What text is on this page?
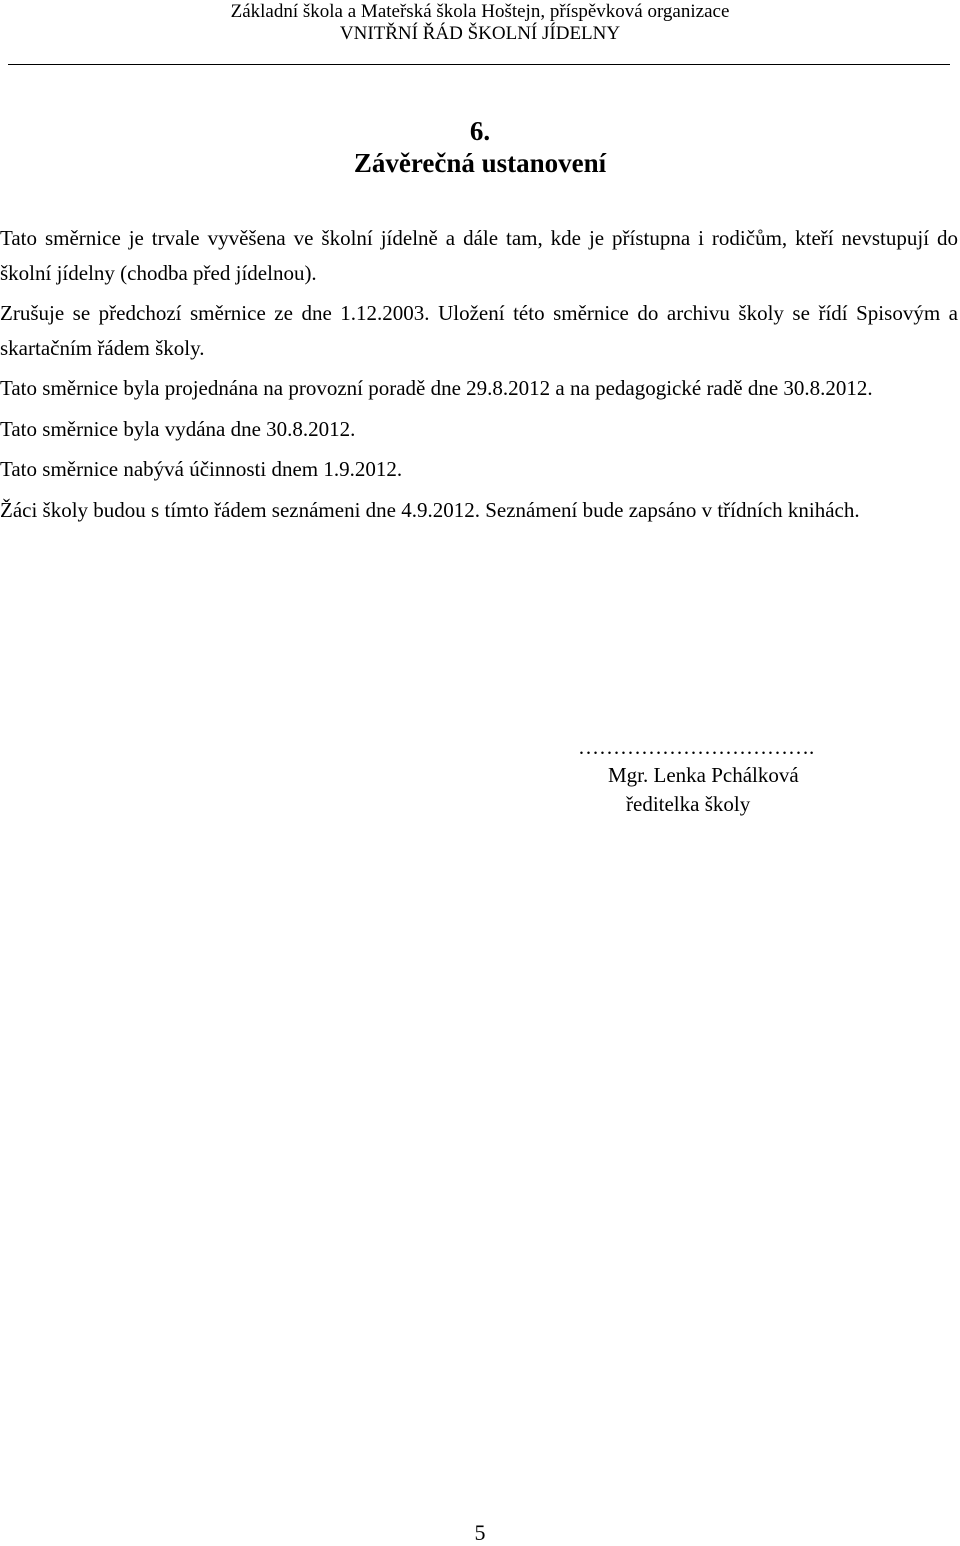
Základní škola a Mateřská škola Hoštejn, příspěvková organizace
VNITŘNÍ ŘÁD ŠKOLNÍ JÍDELNY
6.
Závěrečná ustanovení

Tato směrnice je trvale vyvěšena ve školní jídelně a dále tam, kde je přístupna i rodičům, kteří nevstupují do školní jídelny (chodba před jídelnou).

Zrušuje se předchozí směrnice ze dne 1.12.2003. Uložení této směrnice do archivu školy se řídí Spisovým a skartačním řádem školy.

Tato směrnice byla projednána na provozní poradě dne 29.8.2012 a na pedagogické radě dne 30.8.2012.

Tato směrnice byla vydána dne 30.8.2012.

Tato směrnice nabývá účinnosti dnem 1.9.2012.

Žáci školy budou s tímto řádem seznámeni dne 4.9.2012. Seznámení bude zapsáno v třídních knihách.

…………………………….
Mgr. Lenka Pchálková
ředitelka školy
5
